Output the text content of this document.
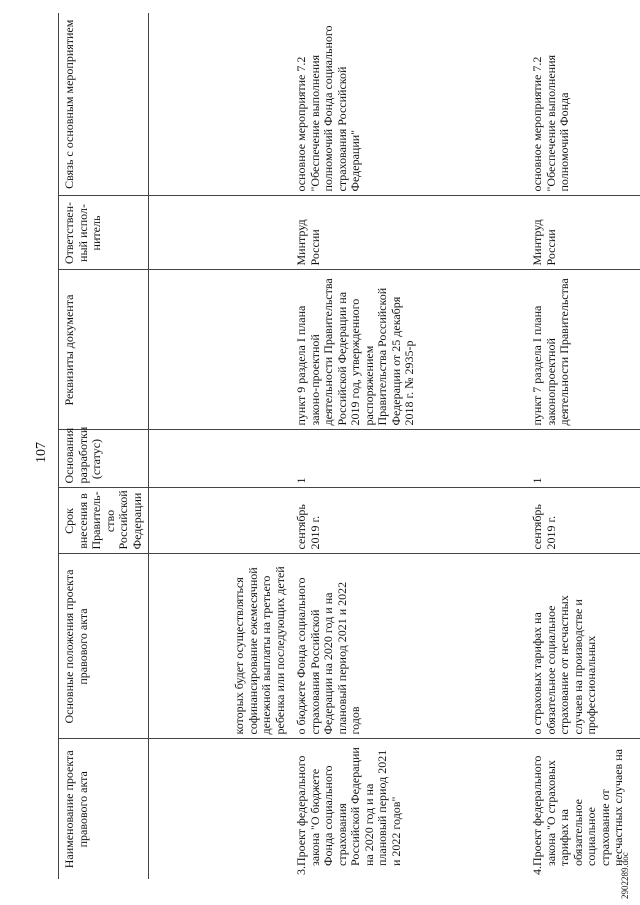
107
Наименование проекта правового акта	Основные положения проекта правового акта	Срок внесения в Правитель-ство Российской Федерации	Основания разработки (статус)	Реквизиты документа	Ответствен-ный испол-нитель	Связь с основным мероприятием
	которых будет осуществляться софинансирование ежемесячной денежной выплаты на третьего ребенка или последующих детей					

3.
Проект федерального закона "О бюджете Фонда социального страхования Российской Федерации на 2020 год и на плановый период 2021 и 2022 годов"	о бюджете Фонда социального страхования Российской Федерации на 2020 год и на плановый период 2021 и 2022 годов	сентябрь 2019 г.	1	пункт 9 раздела I плана законо-проектной деятельности Правительства Российской Федерации на 2019 год, утвержденного распоряжением Правительства Российской Федерации от 25 декабря 2018 г. № 2935-р	Минтруд России	основное мероприятие 7.2 "Обеспечение выполнения полномочий Фонда социального страхования Российской Федерации"

4.
Проект федерального закона "О страховых тарифах на обязательное социальное страхование от несчастных случаев на	о страховых тарифах на обязательное социальное страхование от несчастных случаев на производстве и профессиональных	сентябрь 2019 г.	1	пункт 7 раздела I плана законопроектной деятельности Правительства	Минтруд России	основное мероприятие 7.2 "Обеспечение выполнения полномочий Фонда
2902289.doc
